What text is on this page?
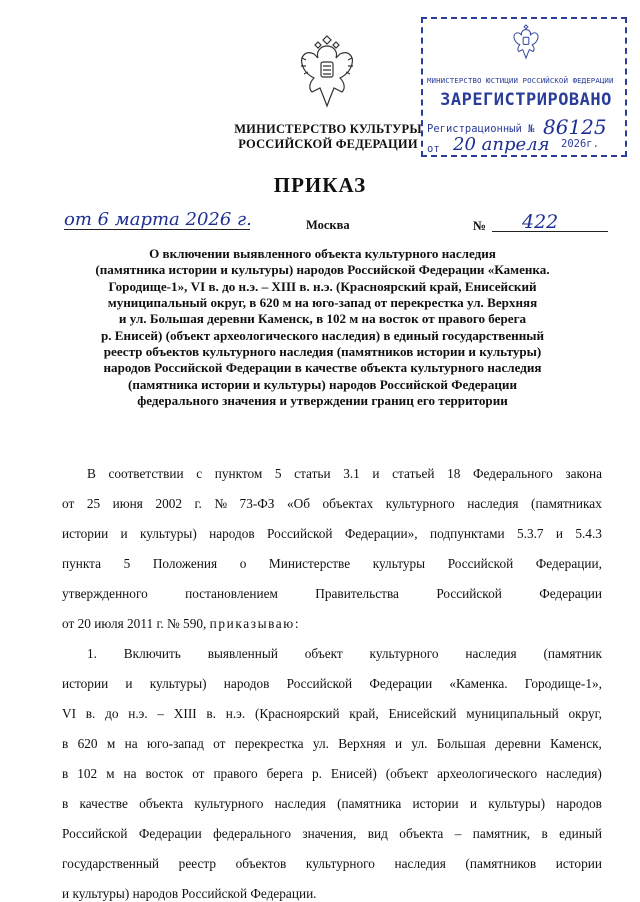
МИНИСТЕРСТВО КУЛЬТУРЫ
РОССИЙСКОЙ ФЕДЕРАЦИИ
МИНИСТЕРСТВО ЮСТИЦИИ РОССИЙСКОЙ ФЕДЕРАЦИИ
ЗАРЕГИСТРИРОВАНО
Регистрационный № 86125
от 20 апреля 2026г.
ПРИКАЗ
от 6 марта 2026 г.	Москва	№ 422
О включении выявленного объекта культурного наследия
(памятника истории и культуры) народов Российской Федерации «Каменка.
Городище-1», VI в. до н.э. – XIII в. н.э. (Красноярский край, Енисейский
муниципальный округ, в 620 м на юго-запад от перекрестка ул. Верхняя
и ул. Большая деревни Каменск, в 102 м на восток от правого берега
р. Енисей) (объект археологического наследия) в единый государственный
реестр объектов культурного наследия (памятников истории и культуры)
народов Российской Федерации в качестве объекта культурного наследия
(памятника истории и культуры) народов Российской Федерации
федерального значения и утверждении границ его территории
В соответствии с пунктом 5 статьи 3.1 и статьей 18 Федерального закона
от 25 июня 2002 г. № 73-ФЗ «Об объектах культурного наследия (памятниках
истории и культуры) народов Российской Федерации», подпунктами 5.3.7 и 5.4.3
пункта 5 Положения о Министерстве культуры Российской Федерации,
утвержденного	постановлением	Правительства	Российской	Федерации
от 20 июля 2011 г. № 590, приказываю:
1. Включить выявленный объект культурного наследия (памятник
истории и культуры) народов Российской Федерации «Каменка. Городище-1»,
VI в. до н.э. – XIII в. н.э. (Красноярский край, Енисейский муниципальный округ,
в 620 м на юго-запад от перекрестка ул. Верхняя и ул. Большая деревни Каменск,
в 102 м на восток от правого берега р. Енисей) (объект археологического наследия)
в качестве объекта культурного наследия (памятника истории и культуры) народов
Российской Федерации федерального значения, вид объекта – памятник, в единый
государственный реестр объектов культурного наследия (памятников истории
и культуры) народов Российской Федерации.
